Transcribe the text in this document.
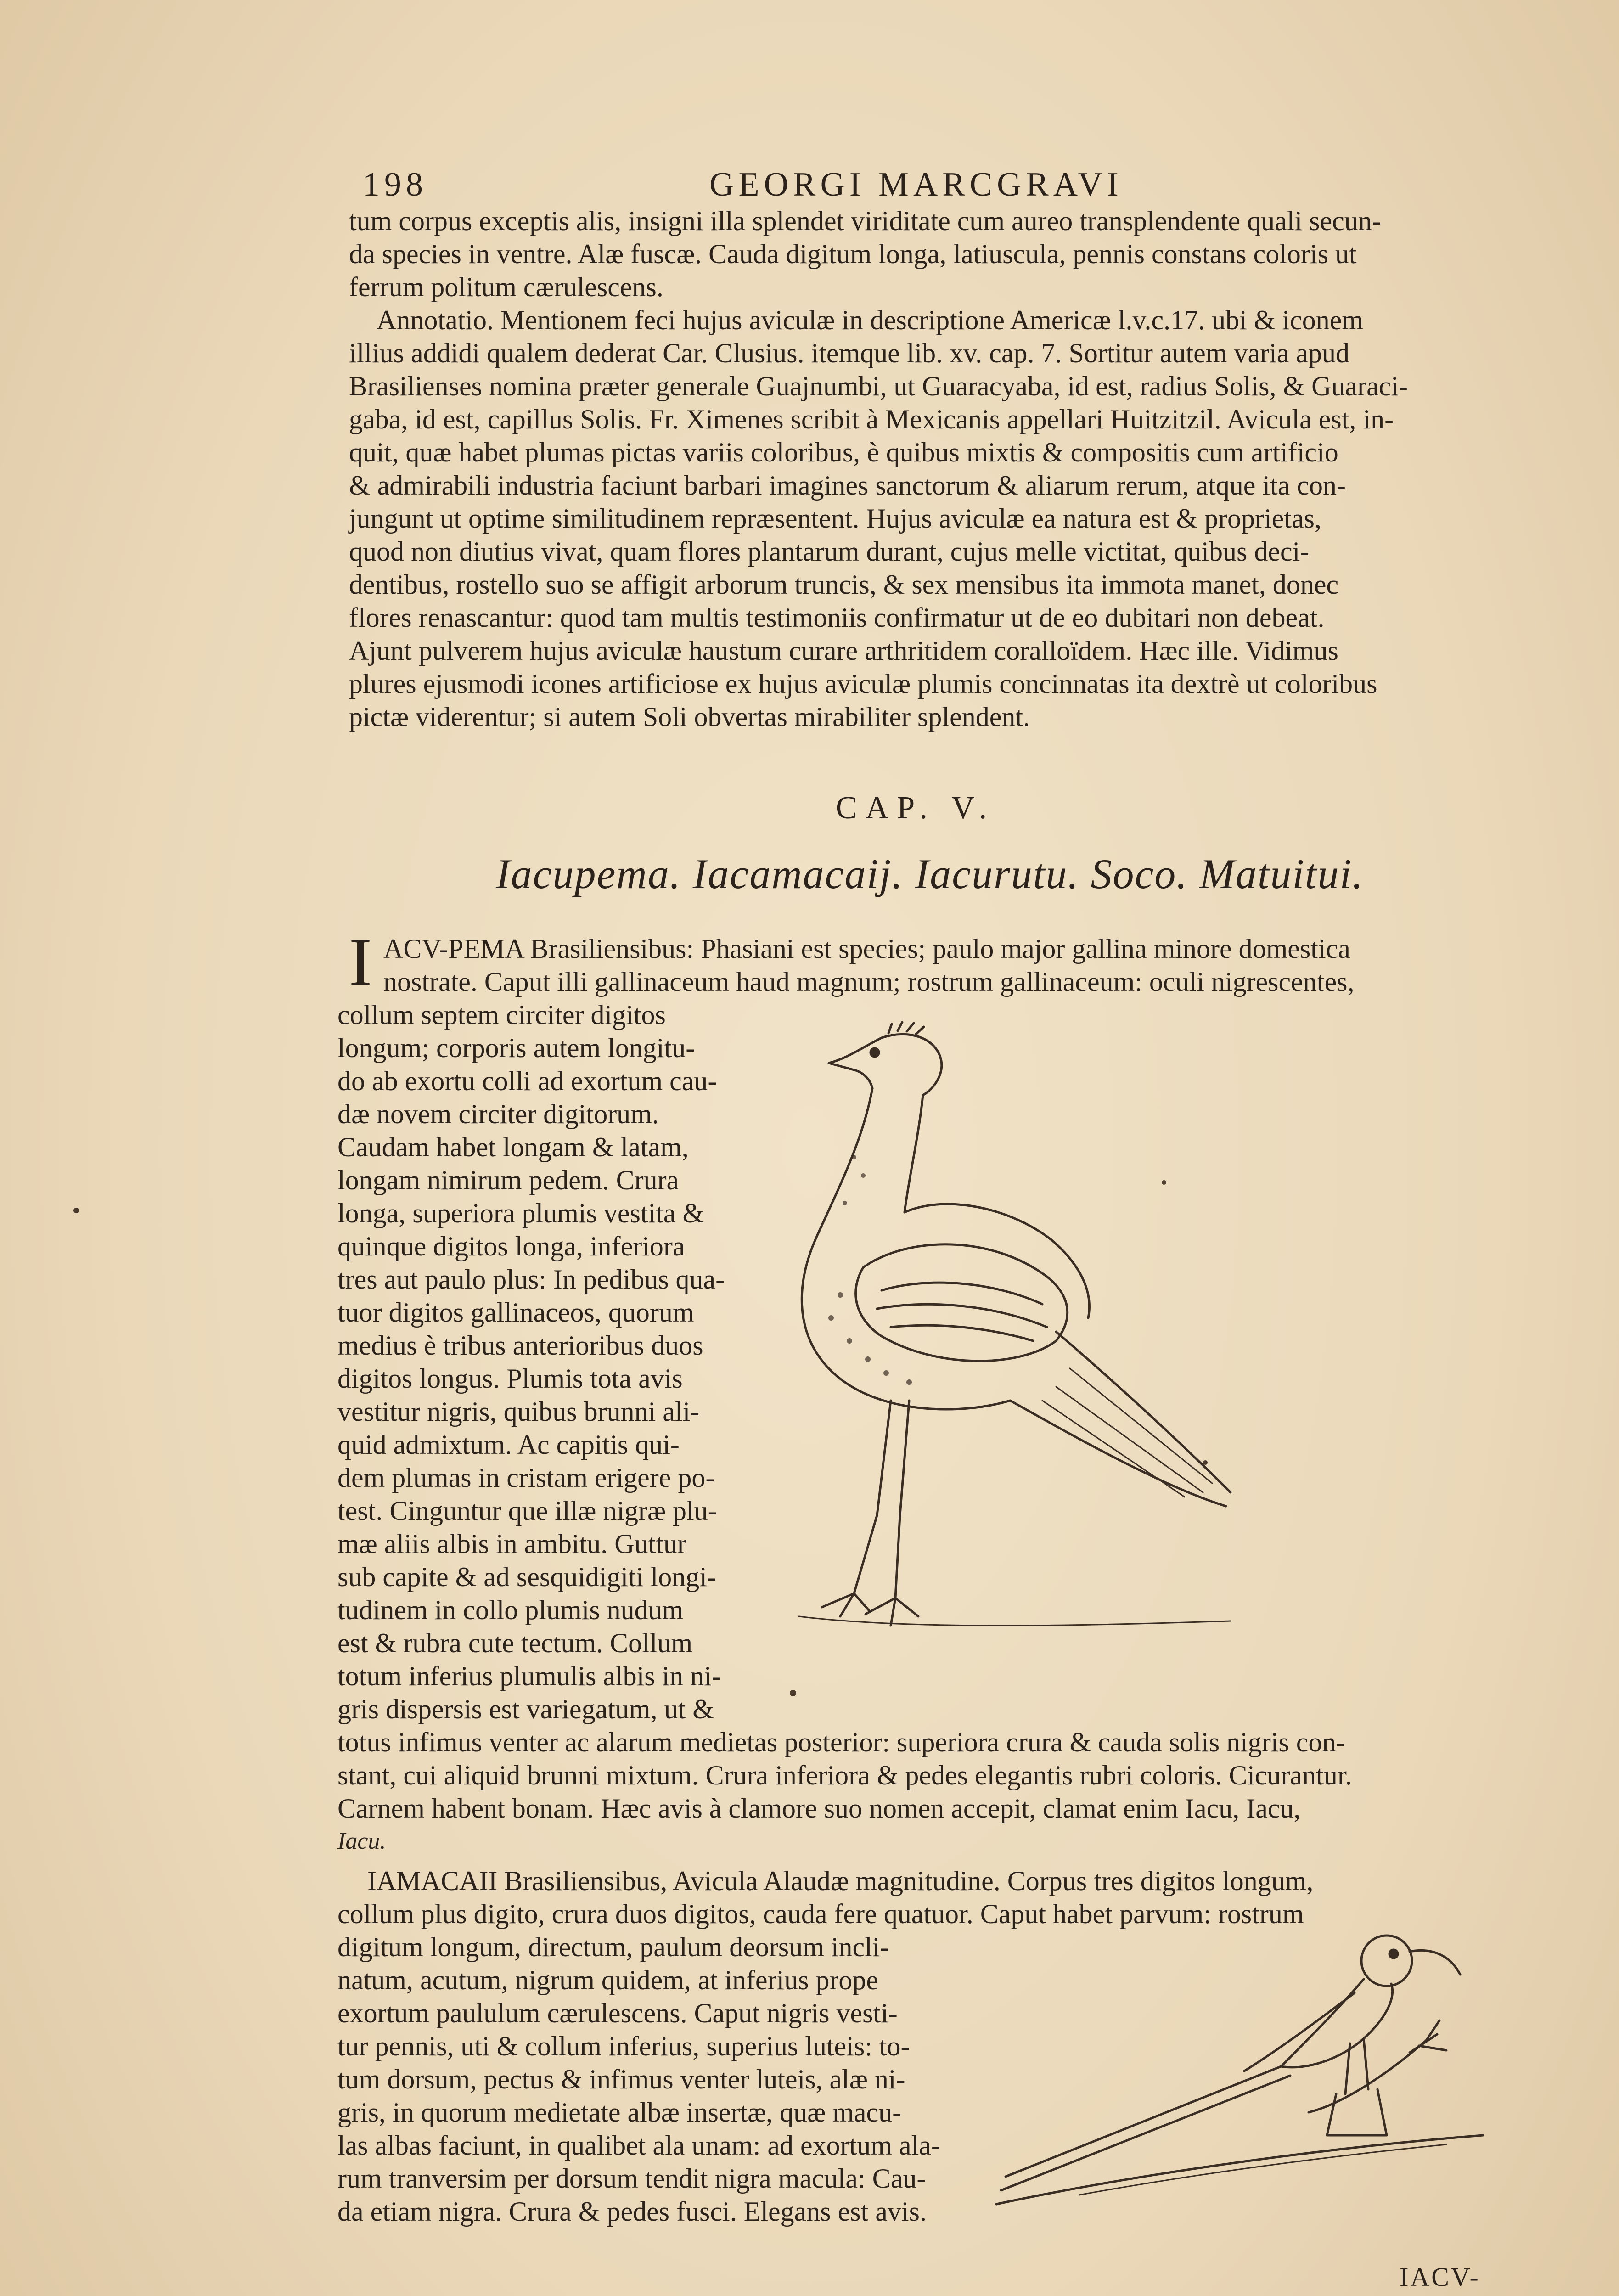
198	GEORGI MARCGRAVI
tum corpus exceptis alis, insigni illa splendet viriditate cum aureo transplendente quali secun-
da species in ventre. Alæ fuscæ. Cauda digitum longa, latiuscula, pennis constans coloris ut
ferrum politum cærulescens.
Annotatio. Mentionem feci hujus aviculæ in descriptione Americæ l.v.c.17. ubi & iconem
illius addidi qualem dederat Car. Clusius. itemque lib. xv. cap. 7. Sortitur autem varia apud
Brasilienses nomina præter generale Guajnumbi, ut Guaracyaba, id est, radius Solis, & Guaraci-
gaba, id est, capillus Solis. Fr. Ximenes scribit à Mexicanis appellari Huitzitzil. Avicula est, in-
quit, quæ habet plumas pictas variis coloribus, è quibus mixtis & compositis cum artificio
& admirabili industria faciunt barbari imagines sanctorum & aliarum rerum, atque ita con-
jungunt ut optime similitudinem repræsentent. Hujus aviculæ ea natura est & proprietas,
quod non diutius vivat, quam flores plantarum durant, cujus melle victitat, quibus deci-
dentibus, rostello suo se affigit arborum truncis, & sex mensibus ita immota manet, donec
flores renascantur: quod tam multis testimoniis confirmatur ut de eo dubitari non debeat.
Ajunt pulverem hujus aviculæ haustum curare arthritidem coralloïdem. Hæc ille. Vidimus
plures ejusmodi icones artificiose ex hujus aviculæ plumis concinnatas ita dextrè ut coloribus
pictæ viderentur; si autem Soli obvertas mirabiliter splendent.
CAP. V.
Iacupema. Iacamacaij. Iacurutu. Soco. Matuitui.
I ACV-PEMA Brasiliensibus: Phasiani est species; paulo major gallina minore domestica
nostrate. Caput illi gallinaceum haud magnum; rostrum gallinaceum: oculi nigrescentes,
collum septem circiter digitos
longum; corporis autem longitu-
do ab exortu colli ad exortum cau-
dæ novem circiter digitorum.
Caudam habet longam & latam,
longam nimirum pedem. Crura
longa, superiora plumis vestita &
quinque digitos longa, inferiora
tres aut paulo plus: In pedibus qua-
tuor digitos gallinaceos, quorum
medius è tribus anterioribus duos
digitos longus. Plumis tota avis
vestitur nigris, quibus brunni ali-
quid admixtum. Ac capitis qui-
dem plumas in cristam erigere po-
test. Cinguntur que illæ nigræ plu-
mæ aliis albis in ambitu. Guttur
sub capite & ad sesquidigiti longi-
tudinem in collo plumis nudum
est & rubra cute tectum. Collum
totum inferius plumulis albis in ni-
gris dispersis est variegatum, ut &
totus infimus venter ac alarum medietas posterior: superiora crura & cauda solis nigris con-
stant, cui aliquid brunni mixtum. Crura inferiora & pedes elegantis rubri coloris. Cicurantur.
Carnem habent bonam. Hæc avis à clamore suo nomen accepit, clamat enim Iacu, Iacu,
Iacu.
IAMACAII Brasiliensibus, Avicula Alaudæ magnitudine. Corpus tres digitos longum,
collum plus digito, crura duos digitos, cauda fere quatuor. Caput habet parvum: rostrum
digitum longum, directum, paulum deorsum incli-
natum, acutum, nigrum quidem, at inferius prope
exortum paululum cærulescens. Caput nigris vesti-
tur pennis, uti & collum inferius, superius luteis: to-
tum dorsum, pectus & infimus venter luteis, alæ ni-
gris, in quorum medietate albæ insertæ, quæ macu-
las albas faciunt, in qualibet ala unam: ad exortum ala-
rum tranversim per dorsum tendit nigra macula: Cau-
da etiam nigra. Crura & pedes fusci. Elegans est avis.
IACV-
